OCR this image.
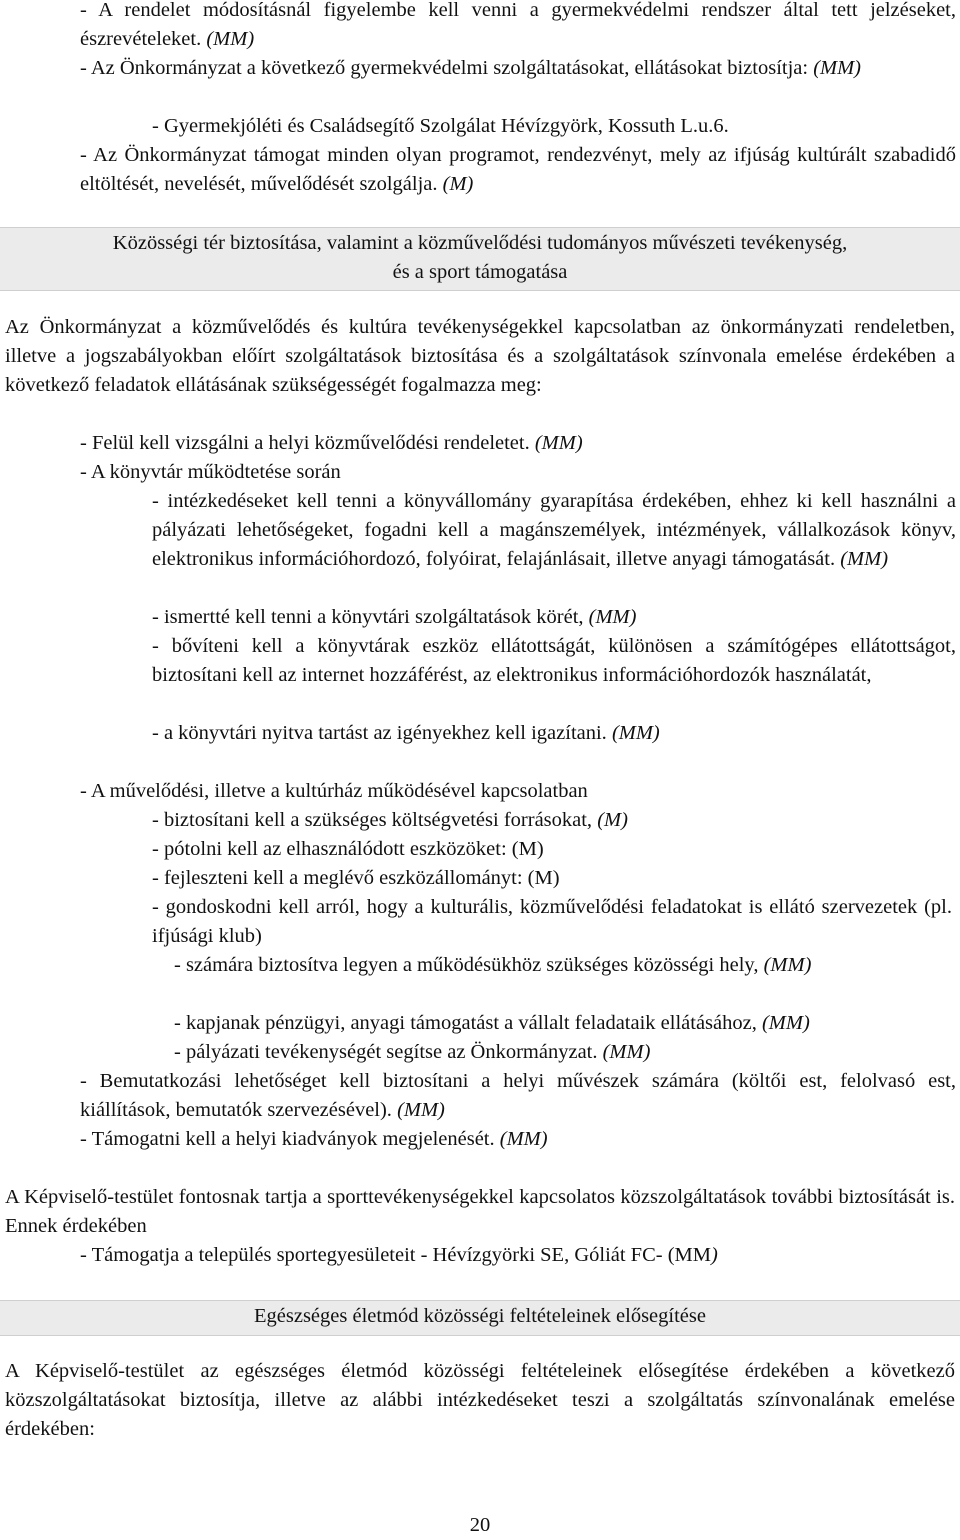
- A rendelet módosításnál figyelembe kell venni a gyermekvédelmi rendszer által tett jelzéseket, észrevételeket. (MM)

- Az Önkormányzat a következő gyermekvédelmi szolgáltatásokat, ellátásokat biztosítja: (MM)

- Gyermekjóléti és Családsegítő Szolgálat Hévízgyörk, Kossuth L.u.6.

- Az Önkormányzat támogat minden olyan programot, rendezvényt, mely az ifjúság kultúrált szabadidő eltöltését, nevelését, művelődését szolgálja. (M)

Közösségi tér biztosítása, valamint a közművelődési tudományos művészeti tevékenység,

és a sport támogatása

Az Önkormányzat a közművelődés és kultúra tevékenységekkel kapcsolatban az önkormányzati rendeletben, illetve a jogszabályokban előírt szolgáltatások biztosítása és a szolgáltatások színvonala emelése érdekében a következő feladatok ellátásának szükségességét fogalmazza meg:

- Felül kell vizsgálni a helyi közművelődési rendeletet. (MM)

- A könyvtár működtetése során

- intézkedéseket kell tenni a könyvállomány gyarapítása érdekében, ehhez ki kell használni a pályázati lehetőségeket, fogadni kell a magánszemélyek, intézmények, vállalkozások könyv, elektronikus információhordozó, folyóirat, felajánlásait, illetve anyagi támogatását. (MM)

- ismertté kell tenni a könyvtári szolgáltatások körét, (MM)

- bővíteni kell a könyvtárak eszköz ellátottságát, különösen a számítógépes ellátottságot, biztosítani kell az internet hozzáférést, az elektronikus információhordozók használatát,

- a könyvtári nyitva tartást az igényekhez kell igazítani. (MM)

- A művelődési, illetve a kultúrház működésével kapcsolatban

- biztosítani kell a szükséges költségvetési forrásokat, (M)

- pótolni kell az elhasználódott eszközöket: (M)

- fejleszteni kell a meglévő eszközállományt: (M)

- gondoskodni kell arról, hogy a kulturális, közművelődési feladatokat is ellátó szervezetek (pl. ifjúsági klub)

- számára biztosítva legyen a működésükhöz szükséges közösségi hely, (MM)

- kapjanak pénzügyi, anyagi támogatást a vállalt feladataik ellátásához, (MM)

- pályázati tevékenységét segítse az Önkormányzat. (MM)

- Bemutatkozási lehetőséget kell biztosítani a helyi művészek számára (költői est, felolvasó est, kiállítások, bemutatók szervezésével). (MM)

- Támogatni kell a helyi kiadványok megjelenését. (MM)

A Képviselő-testület fontosnak tartja a sporttevékenységekkel kapcsolatos közszolgáltatások további biztosítását is. Ennek érdekében

- Támogatja a település sportegyesületeit - Hévízgyörki SE, Góliát FC- (MM)

Egészséges életmód közösségi feltételeinek elősegítése

A Képviselő-testület az egészséges életmód közösségi feltételeinek elősegítése érdekében a következő közszolgáltatásokat biztosítja, illetve az alábbi intézkedéseket teszi a szolgáltatás színvonalának emelése érdekében:

20
